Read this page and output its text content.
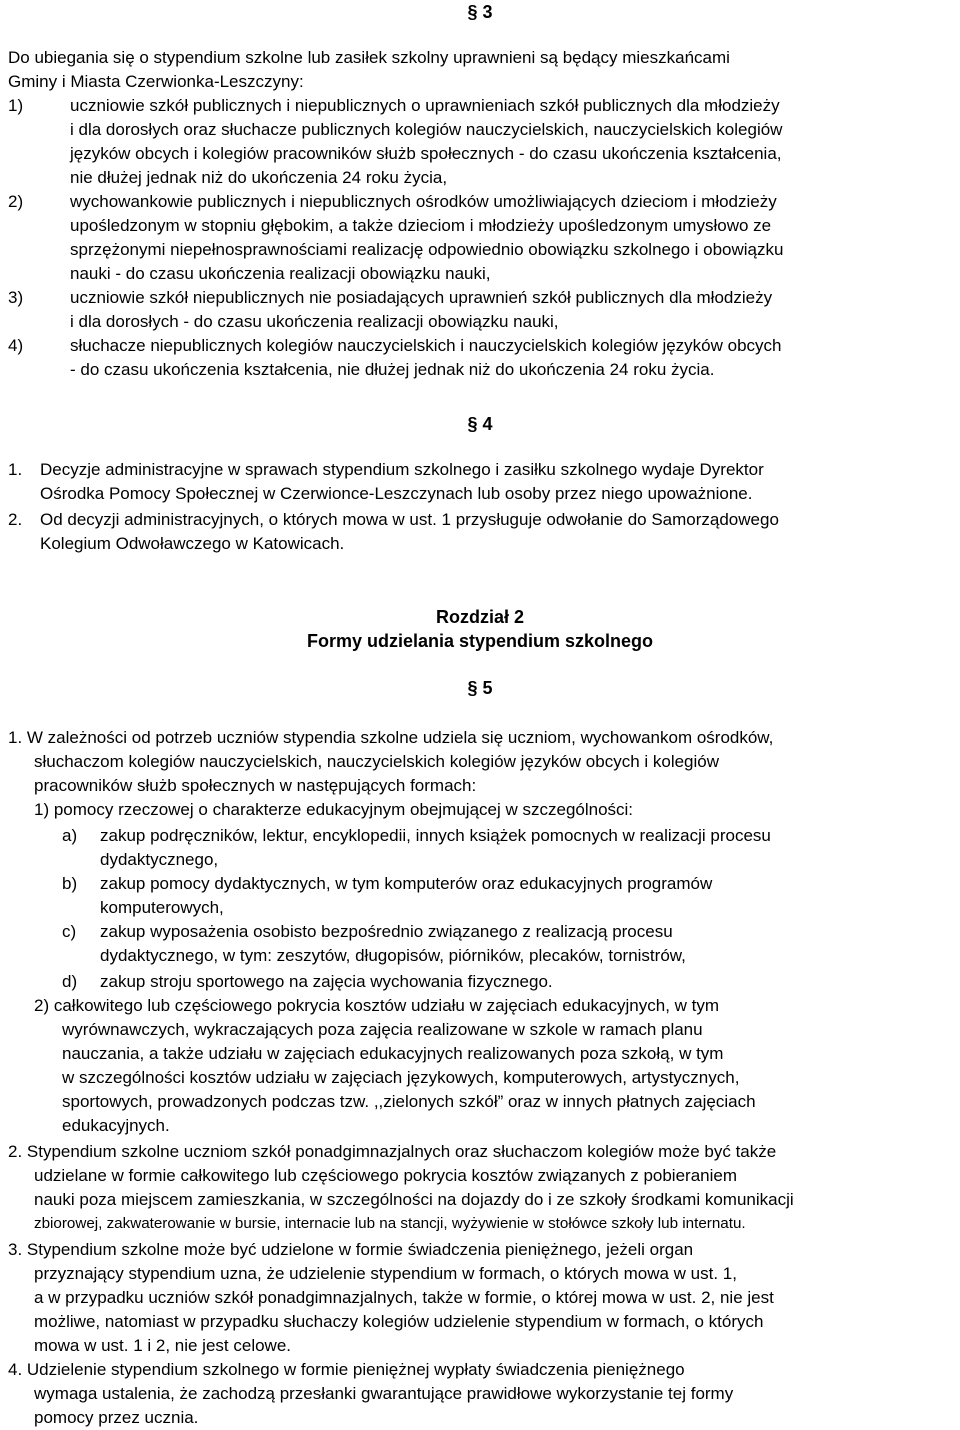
§ 3
Do ubiegania się o stypendium szkolne lub zasiłek szkolny uprawnieni są będący mieszkańcami
Gminy i Miasta Czerwionka-Leszczyny:
1)	uczniowie szkół publicznych i niepublicznych o uprawnieniach szkół publicznych dla młodzieży
i dla dorosłych oraz słuchacze publicznych kolegiów nauczycielskich, nauczycielskich kolegiów
języków obcych i kolegiów pracowników służb społecznych - do czasu ukończenia kształcenia,
nie dłużej jednak niż do ukończenia 24 roku życia,
2)	wychowankowie publicznych i niepublicznych ośrodków umożliwiających dzieciom i młodzieży
upośledzonym w stopniu głębokim, a także dzieciom i młodzieży upośledzonym umysłowo ze
sprzężonymi niepełnosprawnościami realizację odpowiednio obowiązku szkolnego i obowiązku
nauki - do czasu ukończenia realizacji obowiązku nauki,
3)	uczniowie szkół niepublicznych nie posiadających uprawnień szkół publicznych dla młodzieży
i dla dorosłych - do czasu ukończenia realizacji obowiązku nauki,
4)	słuchacze niepublicznych kolegiów nauczycielskich i nauczycielskich kolegiów języków obcych
- do czasu ukończenia kształcenia, nie dłużej jednak niż do ukończenia 24 roku życia.
§ 4
1. Decyzje administracyjne w sprawach stypendium szkolnego i zasiłku szkolnego wydaje Dyrektor
Ośrodka Pomocy Społecznej w Czerwionce-Leszczynach lub osoby przez niego upoważnione.
2. Od decyzji administracyjnych, o których mowa w ust. 1 przysługuje odwołanie do Samorządowego
Kolegium Odwoławczego w Katowicach.
Rozdział 2
Formy udzielania stypendium szkolnego
§ 5
1. W zależności od potrzeb uczniów stypendia szkolne udziela się uczniom, wychowankom ośrodków,
słuchaczom kolegiów nauczycielskich, nauczycielskich kolegiów języków obcych i kolegiów
pracowników służb społecznych w następujących formach:
1) pomocy rzeczowej o charakterze edukacyjnym obejmującej w szczególności:
a) zakup podręczników, lektur, encyklopedii, innych książek pomocnych w realizacji procesu
dydaktycznego,
b) zakup pomocy dydaktycznych, w tym komputerów oraz edukacyjnych programów
komputerowych,
c) zakup wyposażenia osobisto bezpośrednio związanego z realizacją procesu
dydaktycznego, w tym: zeszytów, długopisów, piórników, plecaków, tornistrów,
d) zakup stroju sportowego na zajęcia wychowania fizycznego.
2) całkowitego lub częściowego pokrycia kosztów udziału w zajęciach edukacyjnych, w tym
wyrównawczych, wykraczających poza zajęcia realizowane w szkole w ramach planu
nauczania, a także udziału w zajęciach edukacyjnych realizowanych poza szkołą, w tym
w szczególności kosztów udziału w zajęciach językowych, komputerowych, artystycznych,
sportowych, prowadzonych podczas tzw. ,,zielonych szkół” oraz w innych płatnych zajęciach
edukacyjnych.
2. Stypendium szkolne uczniom szkół ponadgimnazjalnych oraz słuchaczom kolegiów może być także
udzielane w formie całkowitego lub częściowego pokrycia kosztów związanych z pobieraniem
nauki poza miejscem zamieszkania, w szczególności na dojazdy do i ze szkoły środkami komunikacji
zbiorowej, zakwaterowanie w bursie, internacie lub na stancji, wyżywienie w stołówce szkoły lub internatu.
3. Stypendium szkolne może być udzielone w formie świadczenia pieniężnego, jeżeli organ
przyznający stypendium uzna, że udzielenie stypendium w formach, o których mowa w ust. 1,
a w przypadku uczniów szkół ponadgimnazjalnych, także w formie, o której mowa w ust. 2, nie jest
możliwe, natomiast w przypadku słuchaczy kolegiów udzielenie stypendium w formach, o których
mowa w ust. 1 i 2, nie jest celowe.
4. Udzielenie stypendium szkolnego w formie pieniężnej wypłaty świadczenia pieniężnego
wymaga ustalenia, że zachodzą przesłanki gwarantujące prawidłowe wykorzystanie tej formy
pomocy przez ucznia.
